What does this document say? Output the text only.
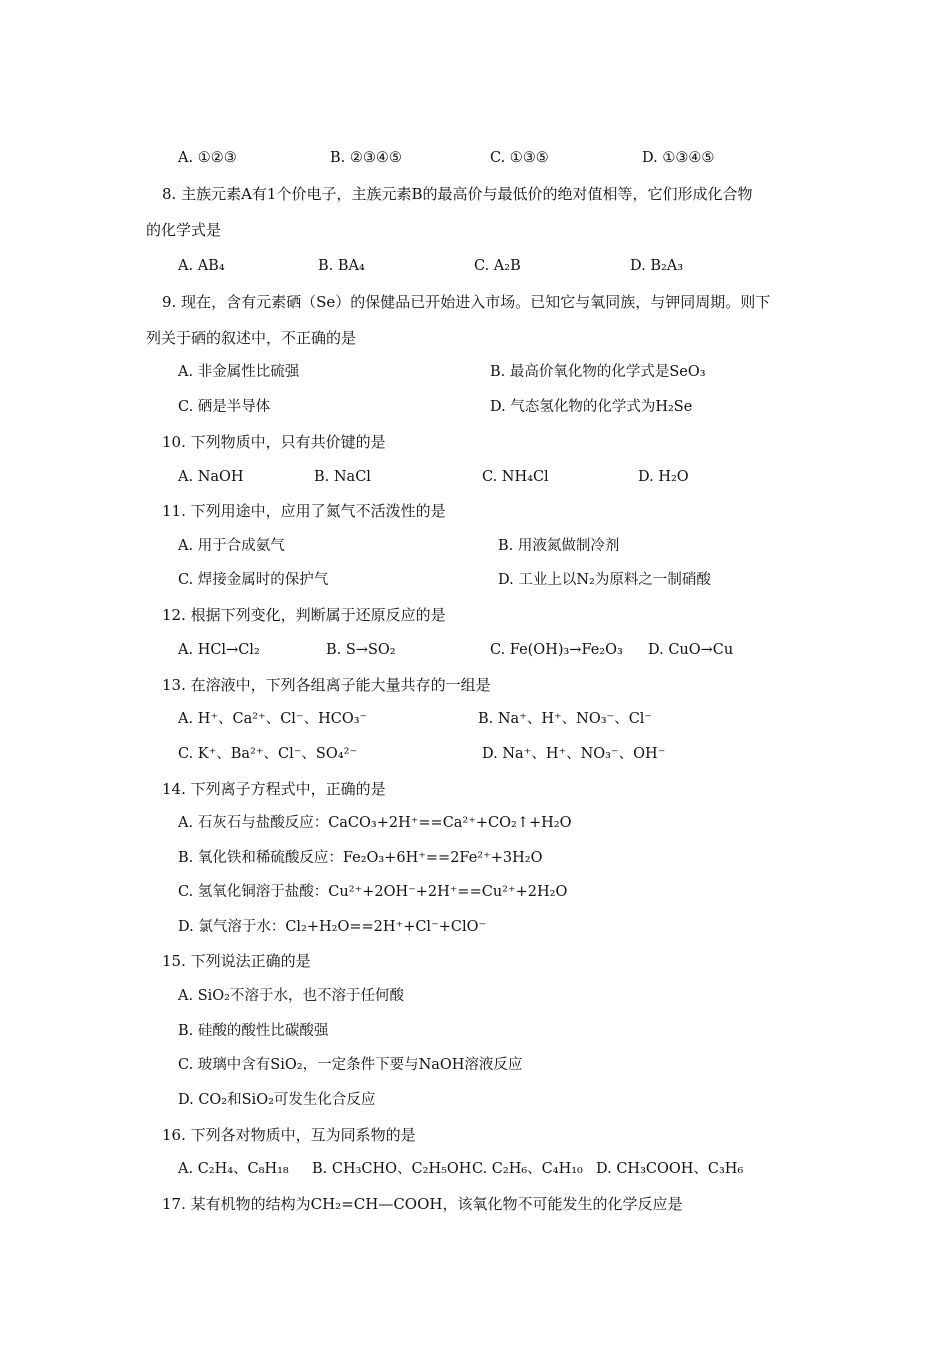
A. ①②③	B. ②③④⑤	C. ①③⑤	D. ①③④⑤
8. 主族元素A有1个价电子，主族元素B的最高价与最低价的绝对值相等，它们形成化合物
的化学式是
A. AB₄	B. BA₄	C. A₂B	D. B₂A₃
9. 现在，含有元素硒（Se）的保健品已开始进入市场。已知它与氧同族，与钾同周期。则下
列关于硒的叙述中，不正确的是
A. 非金属性比硫强	B. 最高价氧化物的化学式是SeO₃
C. 硒是半导体	D. 气态氢化物的化学式为H₂Se
10. 下列物质中，只有共价键的是
A. NaOH	B. NaCl	C. NH₄Cl	D. H₂O
11. 下列用途中，应用了氮气不活泼性的是
A. 用于合成氨气	B. 用液氮做制冷剂
C. 焊接金属时的保护气	D. 工业上以N₂为原料之一制硝酸
12. 根据下列变化，判断属于还原反应的是
A. HCl→Cl₂	B. S→SO₂	C. Fe(OH)₃→Fe₂O₃ D. CuO→Cu
13. 在溶液中，下列各组离子能大量共存的一组是
A. H⁺、Ca²⁺、Cl⁻、HCO₃⁻	B. Na⁺、H⁺、NO₃⁻、Cl⁻
C. K⁺、Ba²⁺、Cl⁻、SO₄²⁻	D. Na⁺、H⁺、NO₃⁻、OH⁻
14. 下列离子方程式中，正确的是
A. 石灰石与盐酸反应：CaCO₃+2H⁺==Ca²⁺+CO₂↑+H₂O
B. 氧化铁和稀硫酸反应：Fe₂O₃+6H⁺==2Fe²⁺+3H₂O
C. 氢氧化铜溶于盐酸：Cu²⁺+2OH⁻+2H⁺==Cu²⁺+2H₂O
D. 氯气溶于水：Cl₂+H₂O==2H⁺+Cl⁻+ClO⁻
15. 下列说法正确的是
A. SiO₂不溶于水，也不溶于任何酸
B. 硅酸的酸性比碳酸强
C. 玻璃中含有SiO₂，一定条件下要与NaOH溶液反应
D. CO₂和SiO₂可发生化合反应
16. 下列各对物质中，互为同系物的是
A. C₂H₄、C₈H₁₈ B. CH₃CHO、C₂H₅OH C. C₂H₆、C₄H₁₀ D. CH₃COOH、C₃H₆
17. 某有机物的结构为CH₂=CH—COOH，该氧化物不可能发生的化学反应是
